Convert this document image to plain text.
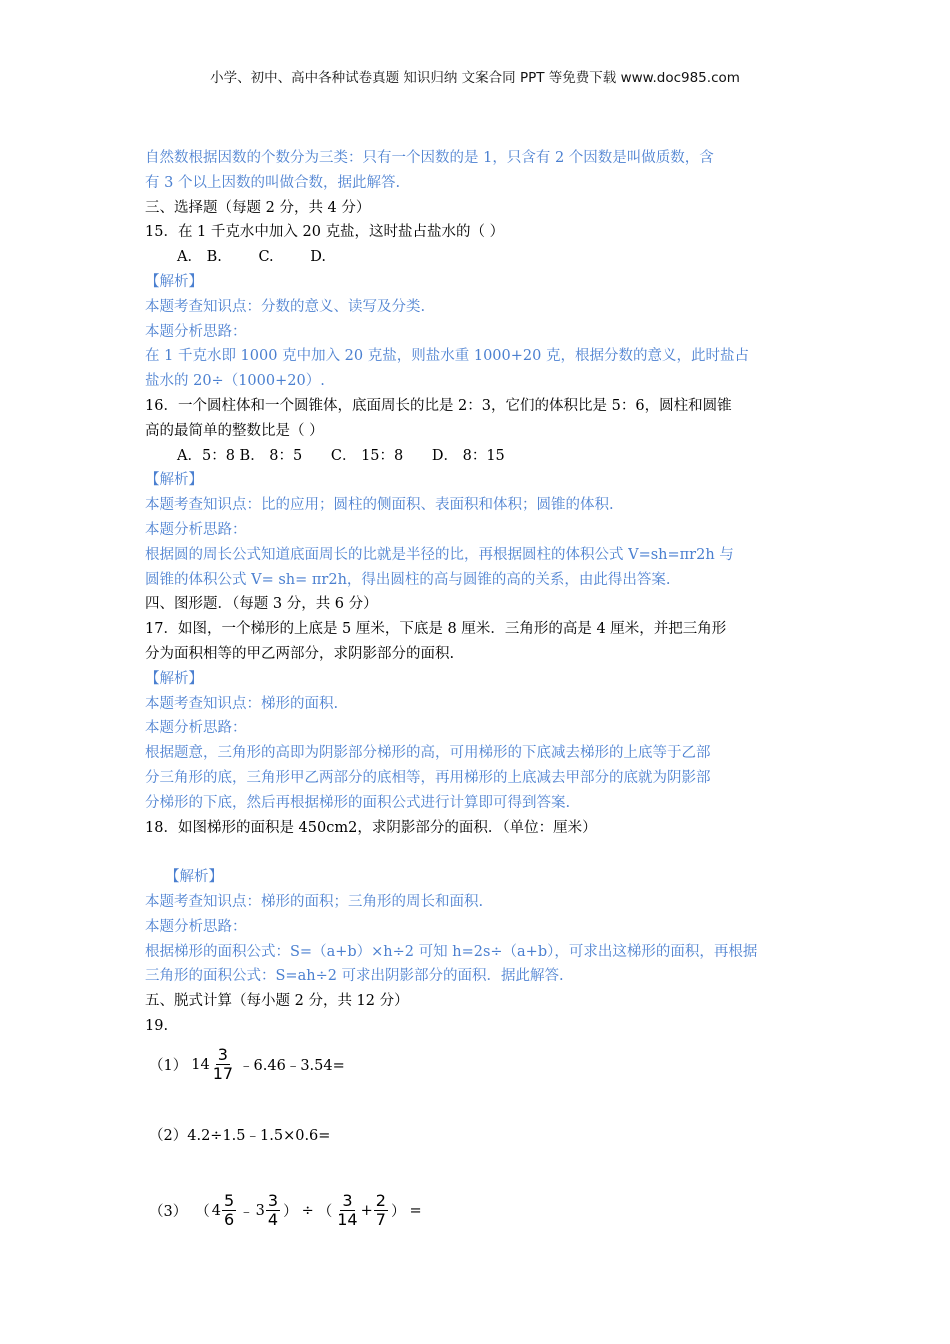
小学、初中、高中各种试卷真题 知识归纳 文案合同 PPT 等免费下载 www.doc985.com
自然数根据因数的个数分为三类：只有一个因数的是 1，只含有 2 个因数是叫做质数，含
有 3 个以上因数的叫做合数，据此解答.
三、选择题（每题 2 分，共 4 分）
15．在 1 千克水中加入 20 克盐，这时盐占盐水的（ ）
A． B.	C.	D.
【解析】
本题考查知识点：分数的意义、读写及分类.
本题分析思路：
在 1 千克水即 1000 克中加入 20 克盐，则盐水重 1000+20 克，根据分数的意义，此时盐占
盐水的 20÷（1000+20）.
16．一个圆柱体和一个圆锥体，底面周长的比是 2：3，它们的体积比是 5：6，圆柱和圆锥
高的最简单的整数比是（ ）
A．5：8 B． 8：5 C． 15：8 D． 8：15
【解析】
本题考查知识点：比的应用；圆柱的侧面积、表面积和体积；圆锥的体积.
本题分析思路：
根据圆的周长公式知道底面周长的比就是半径的比，再根据圆柱的体积公式 V=sh=πr2h 与
圆锥的体积公式 V= sh= πr2h，得出圆柱的高与圆锥的高的关系，由此得出答案.
四、图形题．（每题 3 分，共 6 分）
17．如图，一个梯形的上底是 5 厘米，下底是 8 厘米．三角形的高是 4 厘米，并把三角形
分为面积相等的甲乙两部分，求阴影部分的面积.
【解析】
本题考查知识点：梯形的面积.
本题分析思路：
根据题意，三角形的高即为阴影部分梯形的高，可用梯形的下底减去梯形的上底等于乙部
分三角形的底，三角形甲乙两部分的底相等，再用梯形的上底减去甲部分的底就为阴影部
分梯形的下底，然后再根据梯形的面积公式进行计算即可得到答案.
18．如图梯形的面积是 450cm2，求阴影部分的面积．（单位：厘米）
【解析】
本题考查知识点：梯形的面积；三角形的周长和面积.
本题分析思路：
根据梯形的面积公式：S=（a+b）×h÷2 可知 h=2s÷（a+b），可求出这梯形的面积，再根据
三角形的面积公式：S=ah÷2 可求出阴影部分的面积．据此解答.
五、脱式计算（每小题 2 分，共 12 分）
19.
（1） $14 \frac{3}{17}$ ﹣6.46﹣3.54=
（2） 4.2÷1.5﹣1.5×0.6=
（3） （ $4 \frac{5}{6}$ ﹣ $3 \frac{3}{4}$ ） ÷ （ $\frac{3}{14} + \frac{2}{7}$ ） =
